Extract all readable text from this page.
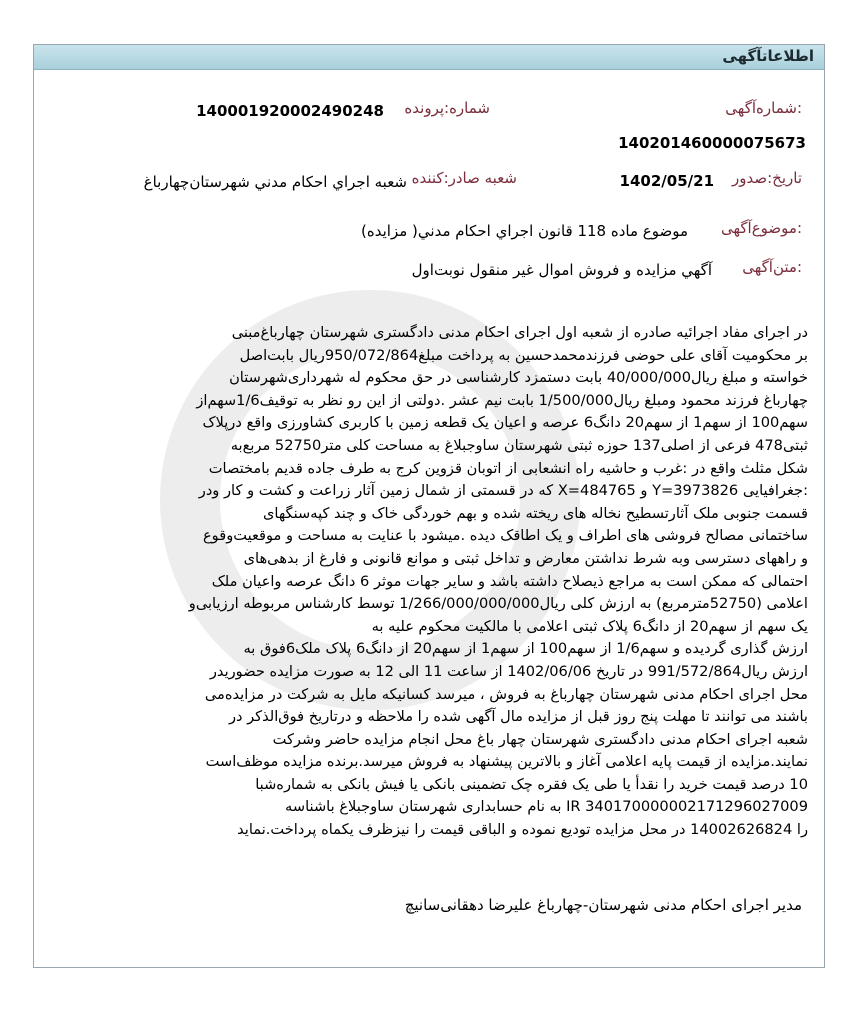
اطلاعاتآگهی
شماره‌آگهی:
140201460000075673
شماره:پرونده
140001920002490248
تاریخ:صدور
1402/05/21
شعبه صادر:کننده
شعبه اجراي احكام مدني شهرستان‌چهارباغ
موضوع‌آگهی:
موضوع ماده 118 قانون اجراي احكام مدني( مزايده)
متن‌آگهی:
آگهي مزايده و فروش اموال غير منقول نوبت‌اول

در اجرای مفاد اجرائیه صادره از شعبه اول اجرای احکام مدنی دادگستری شهرستان چهارباغ‌مبنی

بر محکومیت آقای علی حوضی فرزندمحمدحسین به پرداخت مبلغ950/072/864ریال بابت‌اصل

خواسته و مبلغ ریال40/000/000 بابت دستمزد کارشناسی در حق محکوم له شهرداری‌شهرستان

چهارباغ فرزند محمود ومبلغ ریال1/500/000 بابت نیم عشر .دولتی از این رو نظر به توقیف1/6سهم‌از

سهم100 از سهم1 از سهم20 دانگ6 عرصه و اعیان یک قطعه زمین با کاربری کشاورزی واقع درپلاک

ثبتی478 فرعی از اصلی137 حوزه ثبتی شهرستان ساوجبلاغ به مساحت کلی متر52750 مربع‌به

شکل مثلث واقع در :غرب و حاشیه راه انشعابی از اتوبان قزوین کرج به طرف جاده قدیم بامختصات

:جغرافیایی Y=3973826 و X=484765 که در قسمتی از شمال زمین آثار زراعت و کشت و کار ودر

قسمت جنوبی ملک آثارتسطیح نخاله های ریخته شده و بهم خوردگی خاک و چند کپه‌سنگهای

ساختمانی مصالح فروشی های اطراف و یک اطاقک دیده .میشود با عنایت به مساحت و موقعیت‌وقوع

و راههای دسترسی وبه شرط نداشتن معارض و تداخل ثبتی و موانع قانونی و فارغ از بدهی‌های

احتمالی که ممکن است به مراجع ذیصلاح داشته باشد و سایر جهات موثر 6 دانگ عرصه واعیان ملک

اعلامی (52750مترمربع) به ارزش کلی ریال1/266/000/000/000 توسط کارشناس مربوطه ارزیابی‌و

یک سهم از سهم20 از دانگ6 پلاک ثبتی اعلامی با مالکیت محکوم علیه به

ارزش گذاری گردیده و سهم1/6 از سهم100 از سهم1 از سهم20 از دانگ6 پلاک ملک6فوق به

ارزش ریال991/572/864 در تاریخ 1402/06/06 از ساعت 11 الی 12 به صورت مزایده حضوریدر

محل اجرای احکام مدنی شهرستان چهارباغ به فروش ، میرسد کسانیکه مایل به شرکت در مزایده‌می

باشند می توانند تا مهلت پنج روز قبل از مزایده مال آگهی شده را ملاحظه و درتاریخ فوق‌الذکر در

شعبه اجرای احکام مدنی دادگستری شهرستان چهار باغ محل انجام مزایده حاضر وشرکت

نمایند.مزایده از قیمت پایه اعلامی آغاز و بالاترین پیشنهاد به فروش میرسد.برنده مزایده موظف‌است

10 درصد قیمت خرید را نقدأ یا طی یک فقره چک تضمینی بانکی یا فیش بانکی به شماره‌شبا

IR 340170000002171296027009 به نام حسابداری شهرستان ساوجبلاغ باشناسه

را 14002626824 در محل مزایده تودیع نموده و الباقی قیمت را نیزظرف یکماه پرداخت.نماید

مدیر اجرای احکام مدنی شهرستان-چهارباغ علیرضا دهقانی‌سانیچ
